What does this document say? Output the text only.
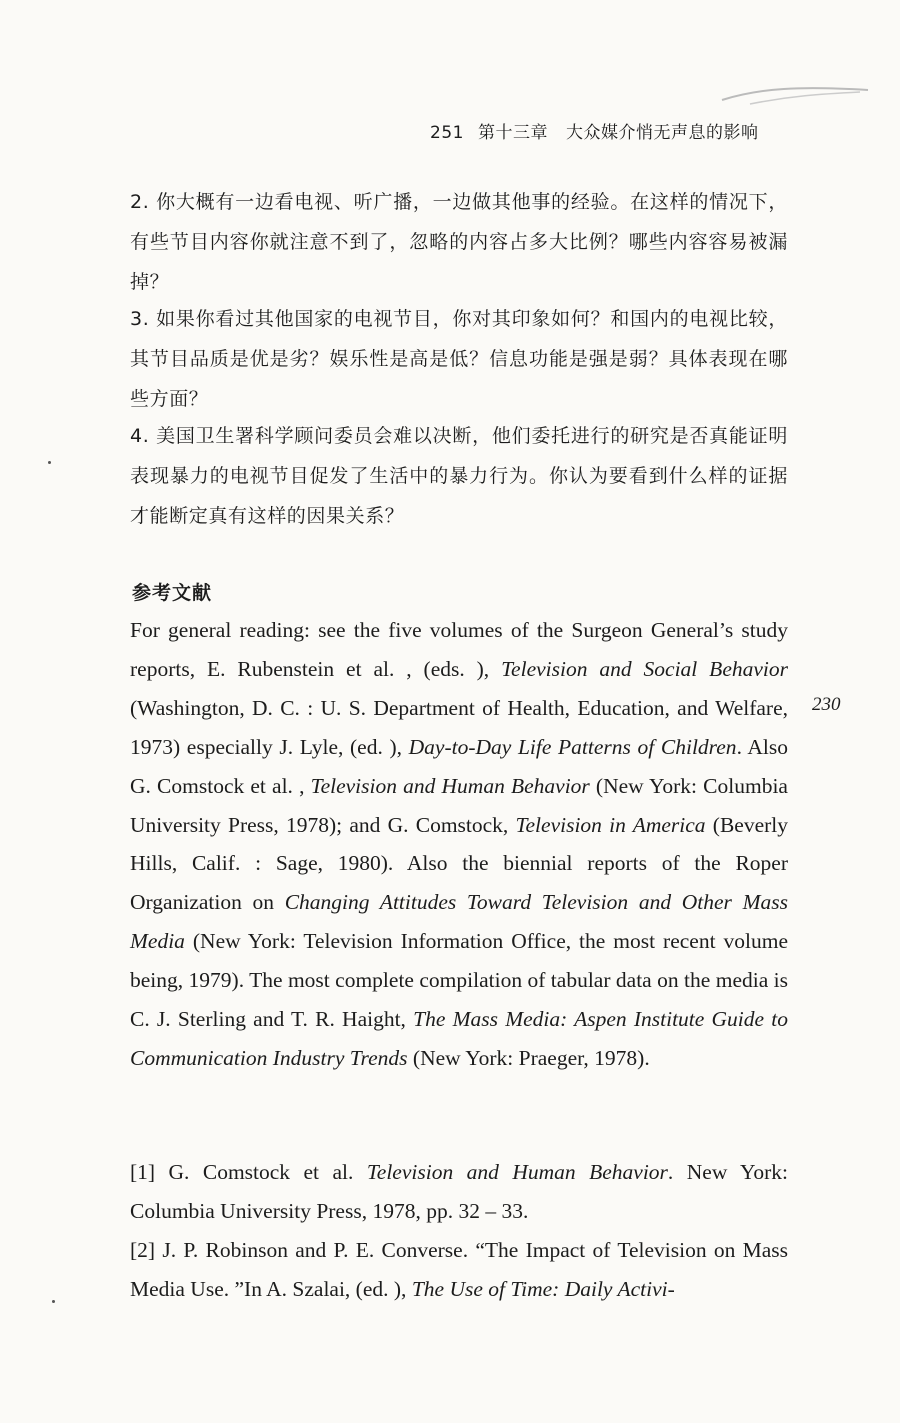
251 第十三章 大众媒介悄无声息的影响
2. 你大概有一边看电视、听广播，一边做其他事的经验。在这样的情况下，有些节目内容你就注意不到了，忽略的内容占多大比例？哪些内容容易被漏掉？
3. 如果你看过其他国家的电视节目，你对其印象如何？和国内的电视比较，其节目品质是优是劣？娱乐性是高是低？信息功能是强是弱？具体表现在哪些方面？
4. 美国卫生署科学顾问委员会难以决断，他们委托进行的研究是否真能证明表现暴力的电视节目促发了生活中的暴力行为。你认为要看到什么样的证据才能断定真有这样的因果关系？
参考文献
For general reading: see the five volumes of the Surgeon General’s study reports, E. Rubenstein et al. , (eds. ), Television and Social Behavior (Washington, D. C. : U. S. Department of Health, Education, and Welfare, 1973) especially J. Lyle, (ed. ), Day-to-Day Life Patterns of Children. Also G. Comstock et al. , Television and Human Behavior (New York: Columbia University Press, 1978); and G. Comstock, Television in America (Beverly Hills, Calif. : Sage, 1980). Also the biennial reports of the Roper Organization on Changing Attitudes Toward Television and Other Mass Media (New York: Television Information Office, the most recent volume being, 1979). The most complete compilation of tabular data on the media is C. J. Sterling and T. R. Haight, The Mass Media: Aspen Institute Guide to Communication Industry Trends (New York: Praeger, 1978).
230
[1] G. Comstock et al. Television and Human Behavior. New York: Columbia University Press, 1978, pp. 32 – 33.
[2] J. P. Robinson and P. E. Converse. “The Impact of Television on Mass Media Use. ”In A. Szalai, (ed. ), The Use of Time: Daily Activi-
